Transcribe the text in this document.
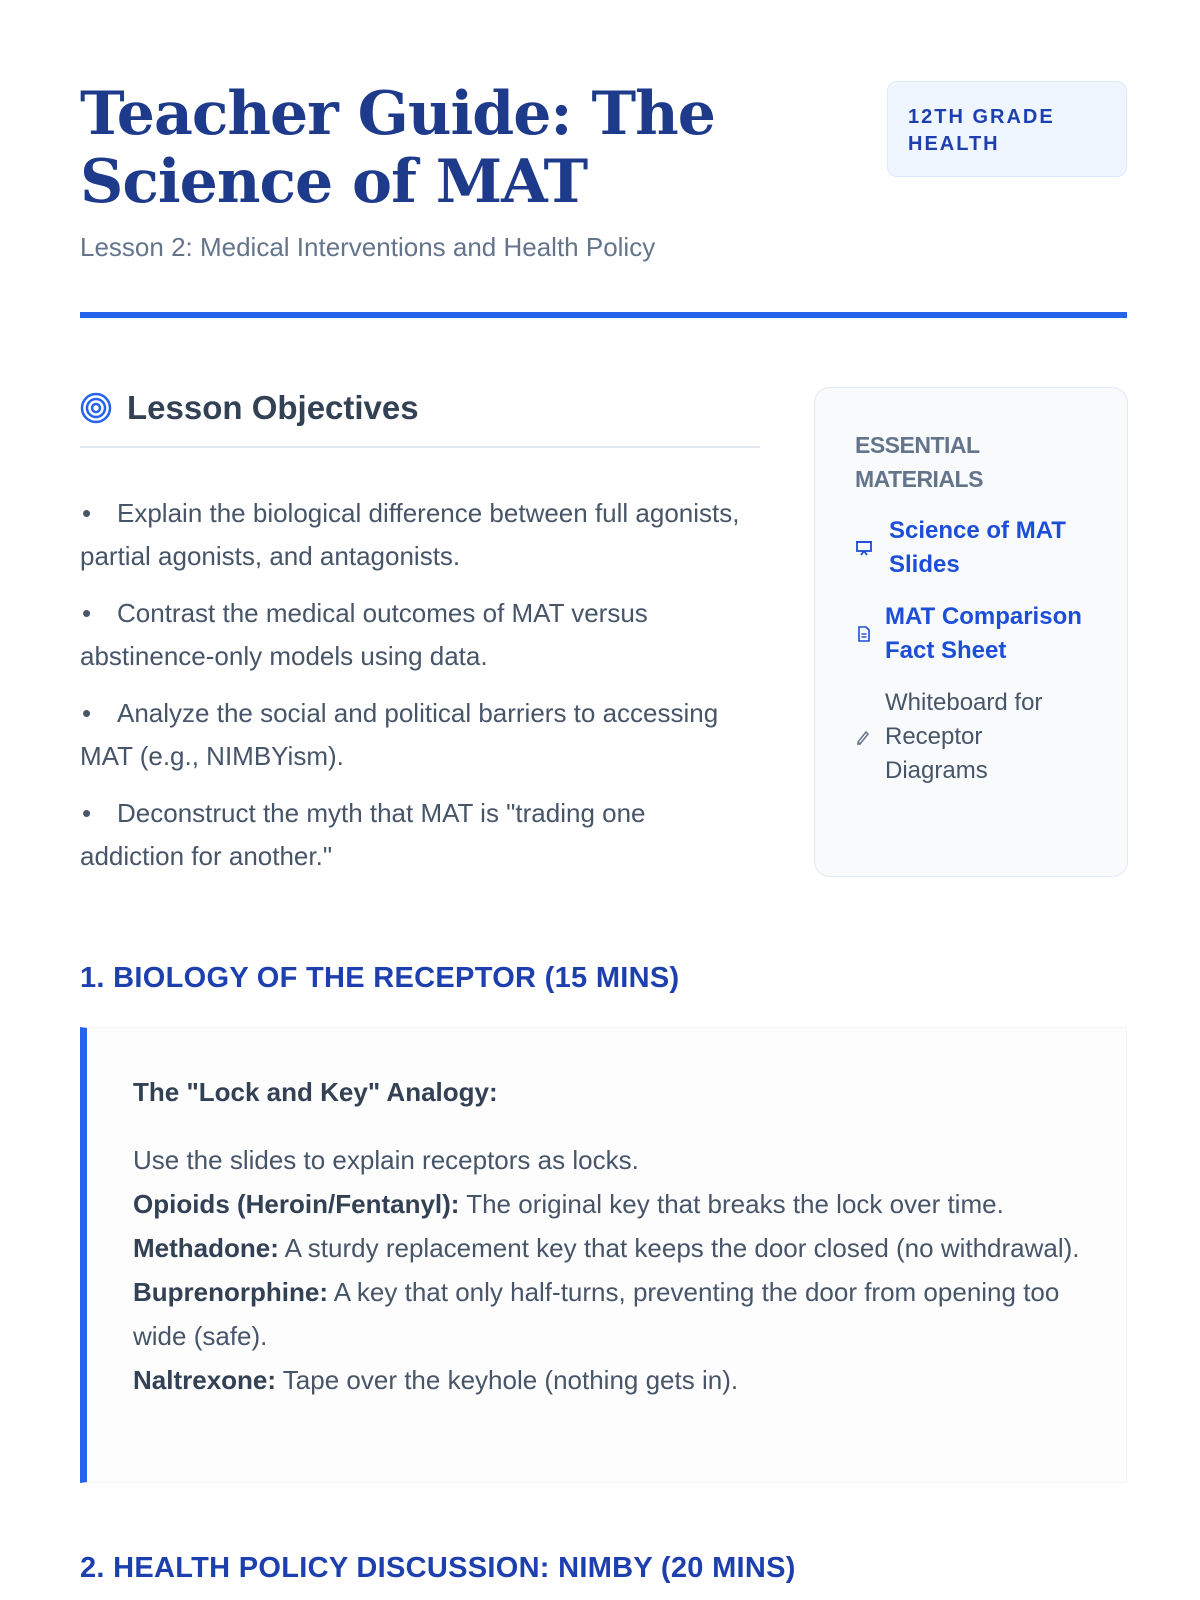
Teacher Guide: The Science of MAT
Lesson 2: Medical Interventions and Health Policy
12TH GRADE HEALTH
Lesson Objectives
• Explain the biological difference between full agonists, partial agonists, and antagonists.
• Contrast the medical outcomes of MAT versus abstinence-only models using data.
• Analyze the social and political barriers to accessing MAT (e.g., NIMBYism).
• Deconstruct the myth that MAT is "trading one addiction for another."
ESSENTIAL MATERIALS
Science of MAT Slides
MAT Comparison Fact Sheet
Whiteboard for Receptor Diagrams
1. BIOLOGY OF THE RECEPTOR (15 MINS)
The "Lock and Key" Analogy:
Use the slides to explain receptors as locks.
Opioids (Heroin/Fentanyl): The original key that breaks the lock over time.
Methadone: A sturdy replacement key that keeps the door closed (no withdrawal).
Buprenorphine: A key that only half-turns, preventing the door from opening too wide (safe).
Naltrexone: Tape over the keyhole (nothing gets in).
2. HEALTH POLICY DISCUSSION: NIMBY (20 MINS)
